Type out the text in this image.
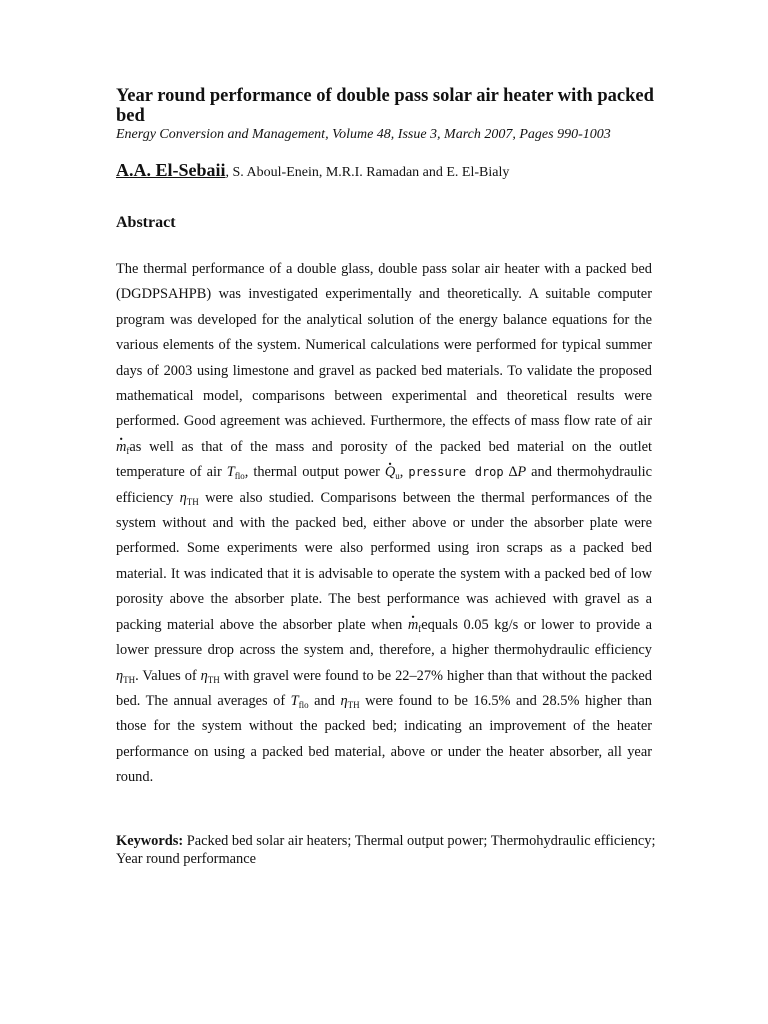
Year round performance of double pass solar air heater with packed bed
Energy Conversion and Management, Volume 48, Issue 3, March 2007, Pages 990-1003
A.A. El-Sebaii, S. Aboul-Enein, M.R.I. Ramadan and E. El-Bialy
Abstract

The thermal performance of a double glass, double pass solar air heater with a packed bed (DGDPSAHPB) was investigated experimentally and theoretically. A suitable computer program was developed for the analytical solution of the energy balance equations for the various elements of the system. Numerical calculations were performed for typical summer days of 2003 using limestone and gravel as packed bed materials. To validate the proposed mathematical model, comparisons between experimental and theoretical results were performed. Good agreement was achieved. Furthermore, the effects of mass flow rate of air . $m_fas$ well as that of the mass and porosity of the packed bed material on the outlet temperature of air $T_{flo}$, thermal output power . $Q_u$, pressure drop ∆P and thermohydraulic efficiency $\eta_{TH}$ were also studied. Comparisons between the thermal performances of the system without and with the packed bed, either above or under the absorber plate were performed. Some experiments were also performed using iron scraps as a packed bed material. It was indicated that it is advisable to operate the system with a packed bed of low porosity above the absorber plate. The best performance was achieved with gravel as a packing material above the absorber plate when . $m_fequals$ 0.05 kg/s or lower to provide a lower pressure drop across the system and, therefore, a higher thermohydraulic efficiency $\eta_{TH}$. Values of $\eta_{TH}$ with gravel were found to be 22–27% higher than that without the packed bed. The annual averages of $T_{flo}$ and $\eta_{TH}$ were found to be 16.5% and 28.5% higher than those for the system without the packed bed; indicating an improvement of the heater performance on using a packed bed material, above or under the heater absorber, all year round.

Keywords: Packed bed solar air heaters; Thermal output power; Thermohydraulic efficiency; Year round performance
